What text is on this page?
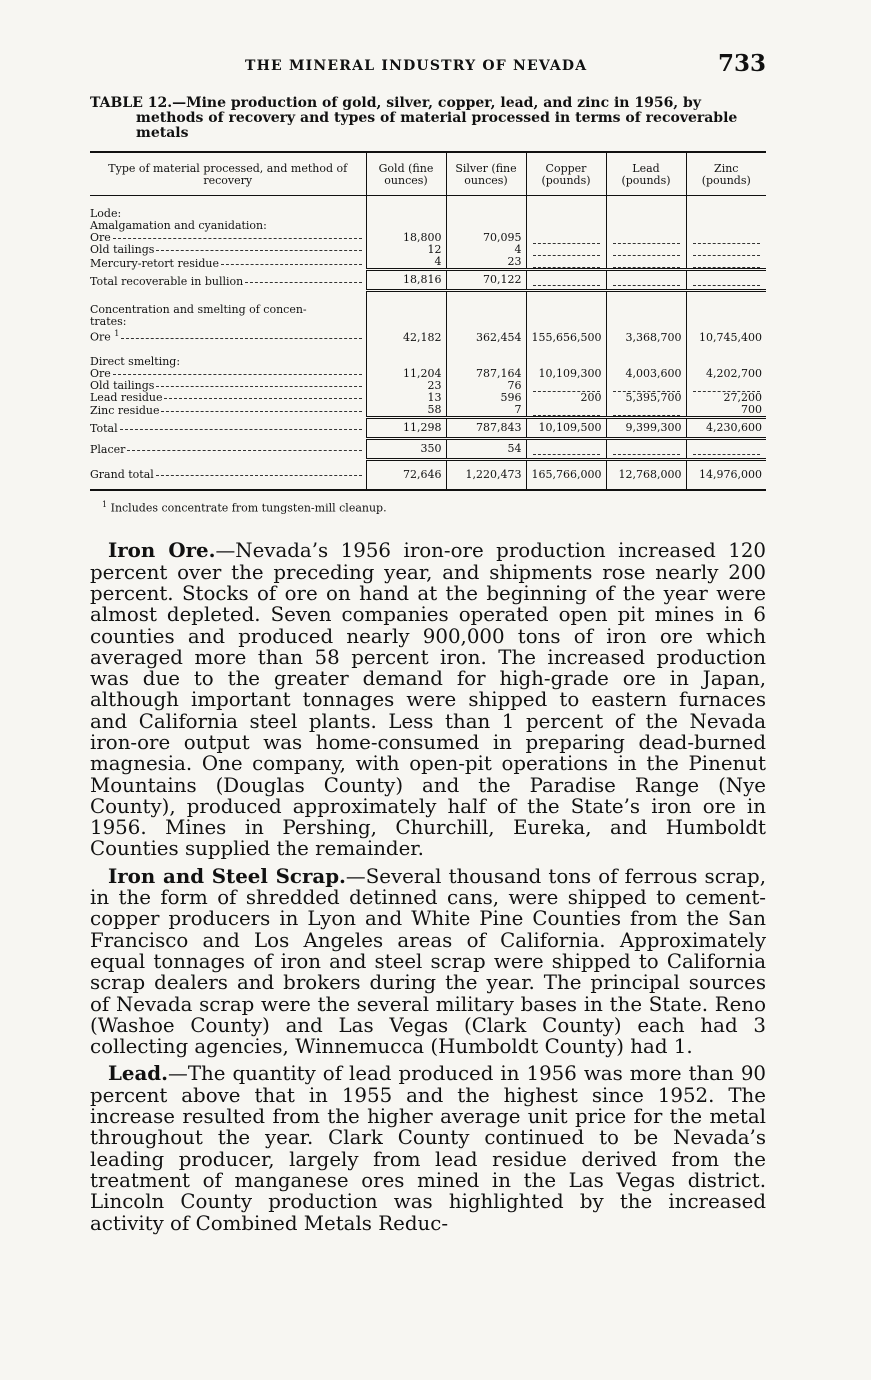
THE MINERAL INDUSTRY OF NEVADA	733
TABLE 12.—Mine production of gold, silver, copper, lead, and zinc in 1956, by
methods of recovery and types of material processed in terms of recoverable
metals
Type of material processed, and method of recovery	Gold (fine ounces)	Silver (fine ounces)	Copper (pounds)	Lead (pounds)	Zinc (pounds)

Lode:					
Amalgamation and cyanidation:					

Ore	18,800	70,095	

Old tailings	12	4	

Mercury-retort residue	4	23	

Total recoverable in bullion	18,816	70,122	

Concentration and smelting of concen-					
trates:					

Ore $^1$	42,182	362,454	155,656,500	3,368,700	10,745,400

Direct smelting:					

Ore	11,204	787,164	10,109,300	4,003,600	4,202,700

Old tailings	23	76	

Lead residue	13	596	200	5,395,700	27,200

Zinc residue	58	7			700

Total	11,298	787,843	10,109,500	9,399,300	4,230,600

Placer	350	54	

Grand total	72,646	1,220,473	165,766,000	12,768,000	14,976,000
$^1$ Includes concentrate from tungsten-mill cleanup.

Iron Ore.—Nevada’s 1956 iron-ore production increased 120 percent over the preceding year, and shipments rose nearly 200 percent. Stocks of ore on hand at the beginning of the year were almost depleted. Seven companies operated open pit mines in 6 counties and produced nearly 900,000 tons of iron ore which averaged more than 58 percent iron. The increased production was due to the greater demand for high-grade ore in Japan, although important tonnages were shipped to eastern furnaces and California steel plants. Less than 1 percent of the Nevada iron-ore output was home-consumed in preparing dead-burned magnesia. One company, with open-pit operations in the Pinenut Mountains (Douglas County) and the Paradise Range (Nye County), produced approximately half of the State’s iron ore in 1956. Mines in Pershing, Churchill, Eureka, and Humboldt Counties supplied the remainder.

Iron and Steel Scrap.—Several thousand tons of ferrous scrap, in the form of shredded detinned cans, were shipped to cement-copper producers in Lyon and White Pine Counties from the San Francisco and Los Angeles areas of California. Approximately equal tonnages of iron and steel scrap were shipped to California scrap dealers and brokers during the year. The principal sources of Nevada scrap were the several military bases in the State. Reno (Washoe County) and Las Vegas (Clark County) each had 3 collecting agencies, Winnemucca (Humboldt County) had 1.

Lead.—The quantity of lead produced in 1956 was more than 90 percent above that in 1955 and the highest since 1952. The increase resulted from the higher average unit price for the metal throughout the year. Clark County continued to be Nevada’s leading producer, largely from lead residue derived from the treatment of manganese ores mined in the Las Vegas district. Lincoln County production was highlighted by the increased activity of Combined Metals Reduc-
